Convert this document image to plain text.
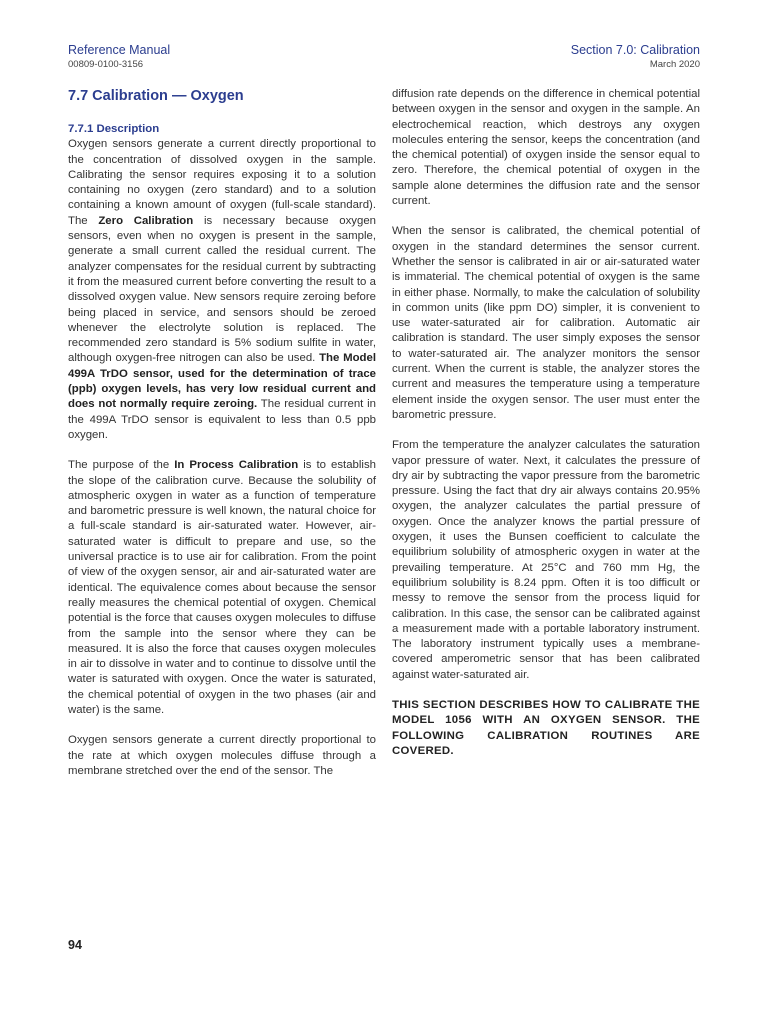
Reference Manual
00809-0100-3156
Section 7.0: Calibration
March 2020
7.7 Calibration — Oxygen
7.7.1 Description

Oxygen sensors generate a current directly proportional to the concentration of dissolved oxygen in the sample. Calibrating the sensor requires exposing it to a solution containing no oxygen (zero standard) and to a solution containing a known amount of oxygen (full-scale standard). The Zero Calibration is necessary because oxygen sensors, even when no oxygen is present in the sample, generate a small current called the residual current. The analyzer compensates for the residual current by subtracting it from the measured current before converting the result to a dissolved oxygen value. New sensors require zeroing before being placed in service, and sensors should be zeroed whenever the electrolyte solution is replaced. The recommended zero standard is 5% sodium sulfite in water, although oxygen-free nitrogen can also be used. The Model 499A TrDO sensor, used for the determination of trace (ppb) oxygen levels, has very low residual current and does not normally require zeroing. The residual current in the 499A TrDO sensor is equivalent to less than 0.5 ppb oxygen.

The purpose of the In Process Calibration is to establish the slope of the calibration curve. Because the solubility of atmospheric oxygen in water as a function of temperature and barometric pressure is well known, the natural choice for a full-scale standard is air-saturated water. However, air-saturated water is difficult to prepare and use, so the universal practice is to use air for calibration. From the point of view of the oxygen sensor, air and air-saturated water are identical. The equivalence comes about because the sensor really measures the chemical potential of oxygen. Chemical potential is the force that causes oxygen molecules to diffuse from the sample into the sensor where they can be measured. It is also the force that causes oxygen molecules in air to dissolve in water and to continue to dissolve until the water is saturated with oxygen. Once the water is saturated, the chemical potential of oxygen in the two phases (air and water) is the same.

Oxygen sensors generate a current directly proportional to the rate at which oxygen molecules diffuse through a membrane stretched over the end of the sensor. The

diffusion rate depends on the difference in chemical potential between oxygen in the sensor and oxygen in the sample. An electrochemical reaction, which destroys any oxygen molecules entering the sensor, keeps the concentration (and the chemical potential) of oxygen inside the sensor equal to zero. Therefore, the chemical potential of oxygen in the sample alone determines the diffusion rate and the sensor current.

When the sensor is calibrated, the chemical potential of oxygen in the standard determines the sensor current. Whether the sensor is calibrated in air or air-saturated water is immaterial. The chemical potential of oxygen is the same in either phase. Normally, to make the calculation of solubility in common units (like ppm DO) simpler, it is convenient to use water-saturated air for calibration. Automatic air calibration is standard. The user simply exposes the sensor to water-saturated air. The analyzer monitors the sensor current. When the current is stable, the analyzer stores the current and measures the temperature using a temperature element inside the oxygen sensor. The user must enter the barometric pressure.

From the temperature the analyzer calculates the saturation vapor pressure of water. Next, it calculates the pressure of dry air by subtracting the vapor pressure from the barometric pressure. Using the fact that dry air always contains 20.95% oxygen, the analyzer calculates the partial pressure of oxygen. Once the analyzer knows the partial pressure of oxygen, it uses the Bunsen coefficient to calculate the equilibrium solubility of atmospheric oxygen in water at the prevailing temperature. At 25°C and 760 mm Hg, the equilibrium solubility is 8.24 ppm. Often it is too difficult or messy to remove the sensor from the process liquid for calibration. In this case, the sensor can be calibrated against a measurement made with a portable laboratory instrument. The laboratory instrument typically uses a membrane-covered amperometric sensor that has been calibrated against water-saturated air.

THIS SECTION DESCRIBES HOW TO CALIBRATE THE MODEL 1056 WITH AN OXYGEN SENSOR. THE FOLLOWING CALIBRATION ROUTINES ARE COVERED.

94
